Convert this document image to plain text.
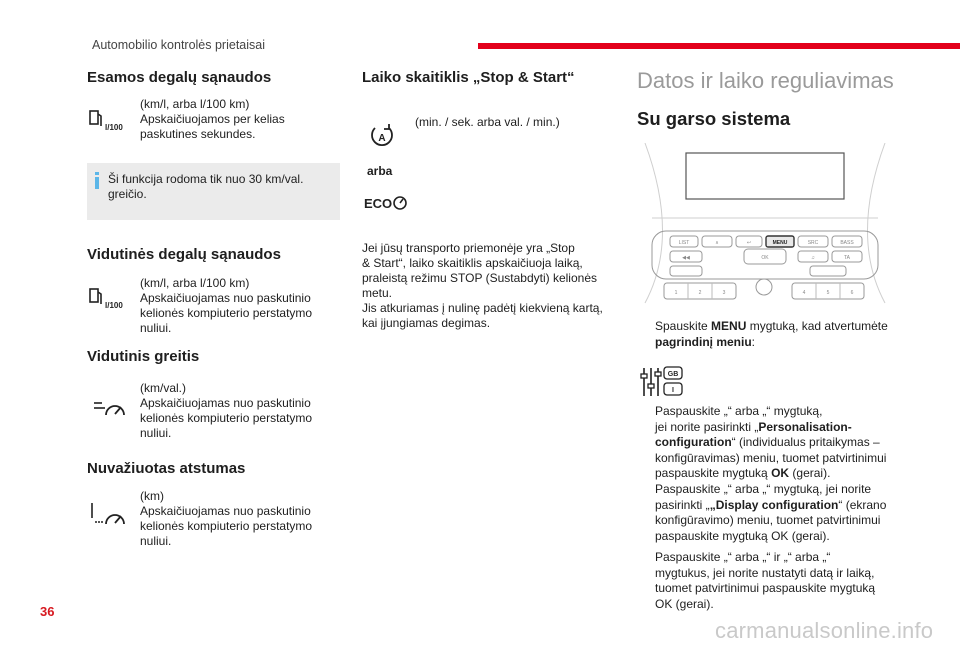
Automobilio kontrolės prietaisai
Esamos degalų sąnaudos
l/100

(km/l, arba l/100 km)

Apskaičiuojamos per kelias

paskutines sekundes.

Ši funkcija rodoma tik nuo 30 km/val.

greičio.

Vidutinės degalų sąnaudos
l/100

(km/l, arba l/100 km)

Apskaičiuojamas nuo paskutinio

kelionės kompiuterio perstatymo

nuliui.

Vidutinis greitis

(km/val.)

Apskaičiuojamas nuo paskutinio

kelionės kompiuterio perstatymo

nuliui.

Nuvažiuotas atstumas

(km)

Apskaičiuojamas nuo paskutinio

kelionės kompiuterio perstatymo

nuliui.

Laiko skaitiklis „Stop & Start“
A
(min. / sek. arba val. / min.)
arba
ECO

Jei jūsų transporto priemonėje yra „Stop

& Start“, laiko skaitiklis apskaičiuoja laiką,

praleistą režimu STOP (Sustabdyti) kelionės

metu.

Jis atkuriamas į nulinę padėtį kiekvieną kartą,

kai įjungiamas degimas.

Datos ir laiko reguliavimas
Su garso sistema
LIST	∧	↩	MENU	SRC	BASS
◀◀	OK	♫	TA
1	2	3	4	5	6
Spauskite MENU mygtuką, kad atvertumėte
pagrindinį meniu:
GB
I
Paspauskite „“ arba „“ mygtuką,
jei norite pasirinkti „Personalisation-
configuration“ (individualus pritaikymas –
konfigūravimas) meniu, tuomet patvirtinimui
paspauskite mygtuką OK (gerai).
Paspauskite „“ arba „“ mygtuką, jei norite
pasirinkti „„Display configuration“ (ekrano
konfigūravimo) meniu, tuomet patvirtinimui
paspauskite mygtuką OK (gerai).
Paspauskite „“ arba „“ ir „“ arba „“
mygtukus, jei norite nustatyti datą ir laiką,
tuomet patvirtinimui paspauskite mygtuką
OK (gerai).
36
carmanualsonline.info
